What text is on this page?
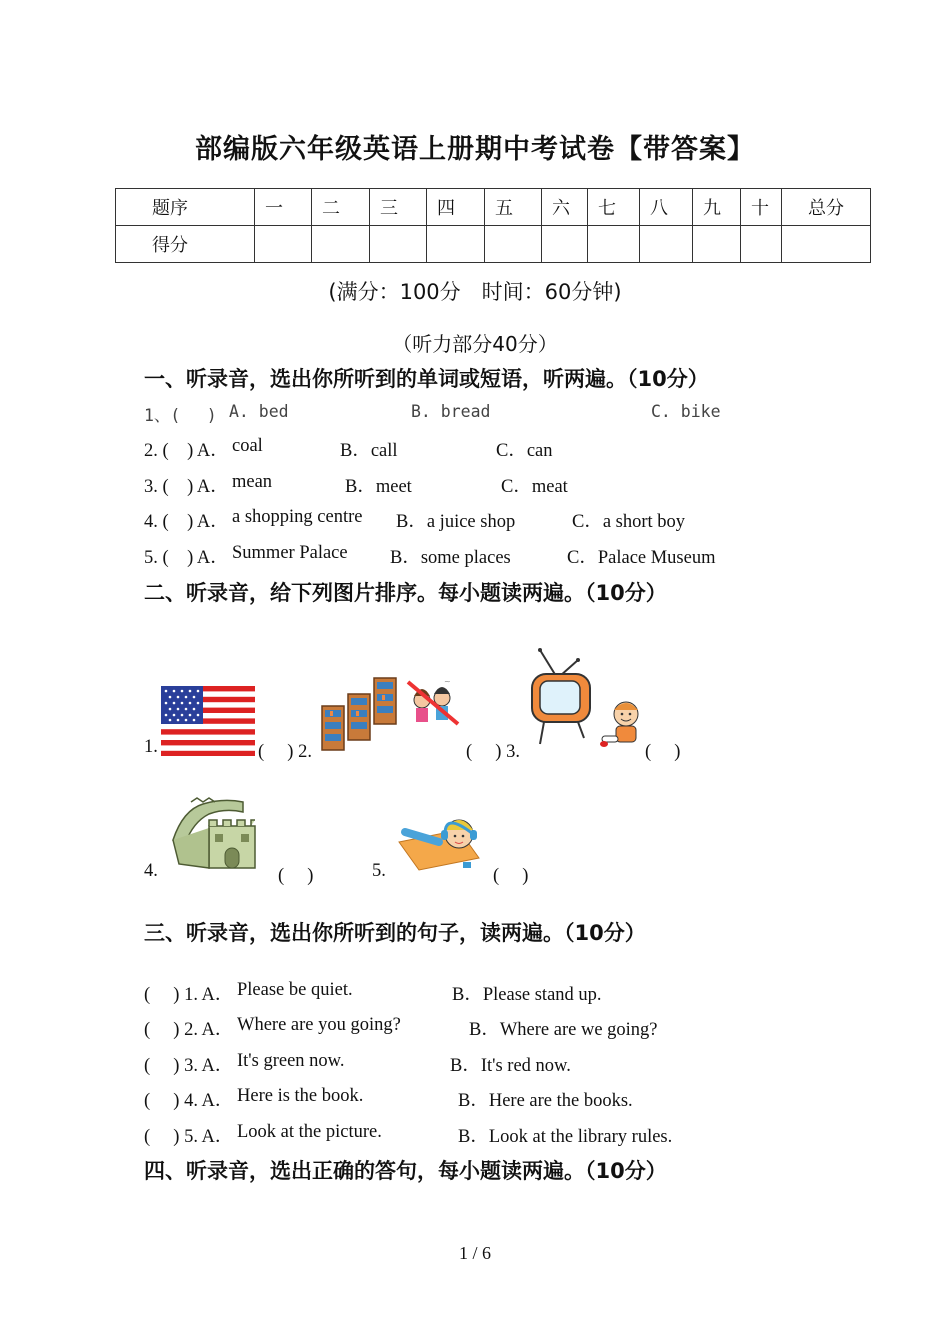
部编版六年级英语上册期中考试卷【带答案】
题序	一	二	三	四	五	六	七	八	九	十	总分
得分											
(满分：100分　时间：60分钟)
（听力部分40分）
一、听录音，选出你所听到的单词或短语，听两遍。（10分）
1、(　 ) A. bed	B. bread	C. bike
2. (　) A． coal	B．call	C．can
3. (　) A． mean	B．meet	C．meat
4. (　) A． a shopping centre B．a juice shop	C．a short boy
5. (　) A． Summer Palace B．some places	C．Palace Museum
二、听录音，给下列图片排序。每小题读两遍。（10分）
1.	(　 ) 2.
~
(　 ) 3.	(　 )
4.	(　 )	5.	(　 )
三、听录音，选出你所听到的句子，读两遍。（10分）
(　 ) 1. A． Please be quiet.	B．Please stand up.
(　 ) 2. A． Where are you going?	B．Where are we going?
(　 ) 3. A． It's green now.	B．It's red now.
(　 ) 4. A． Here is the book.	B．Here are the books.
(　 ) 5. A． Look at the picture.	B．Look at the library rules.
四、听录音，选出正确的答句，每小题读两遍。（10分）
1 / 6
